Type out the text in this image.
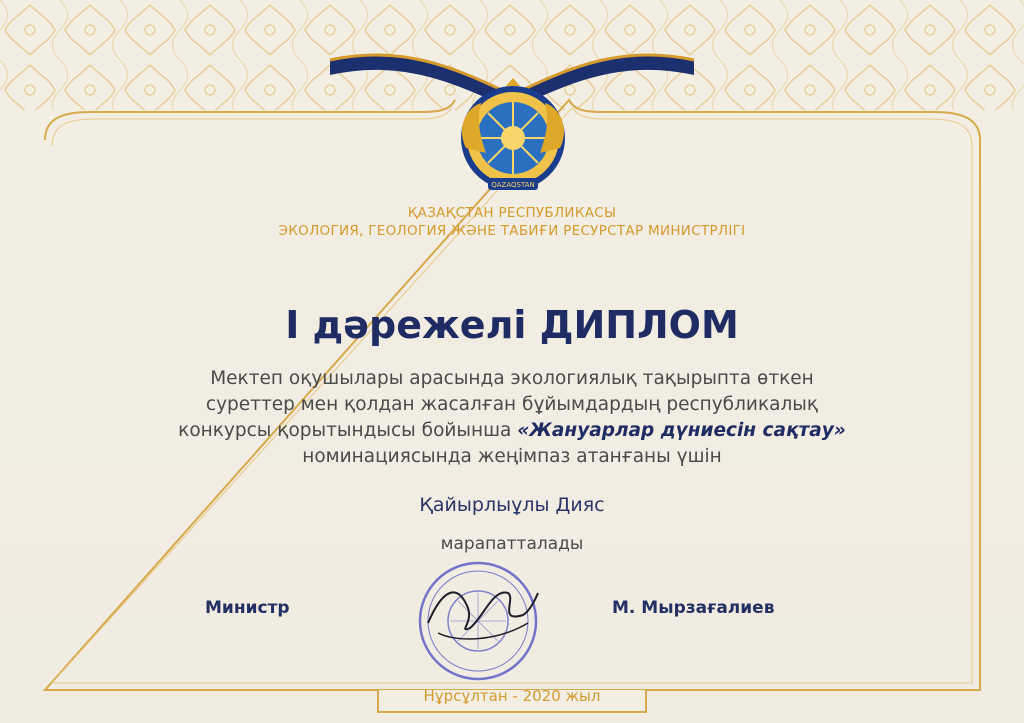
QAZAQSTAN
ҚАЗАҚСТАН РЕСПУБЛИКАСЫ
ЭКОЛОГИЯ, ГЕОЛОГИЯ ЖӘНЕ ТАБИҒИ РЕСУРСТАР МИНИСТРЛІГІ
І дәрежелі ДИПЛОМ
Мектеп оқушылары арасында экологиялық тақырыпта өткен
суреттер мен қолдан жасалған бұйымдардың республикалық
конкурсы қорытындысы бойынша «Жануарлар дүниесін сақтау»
номинациясында жеңімпаз атанғаны үшін
Қайырлыұлы Дияс
марапатталады
Министр	М. Мырзағалиев
Нұрсұлтан - 2020 жыл
